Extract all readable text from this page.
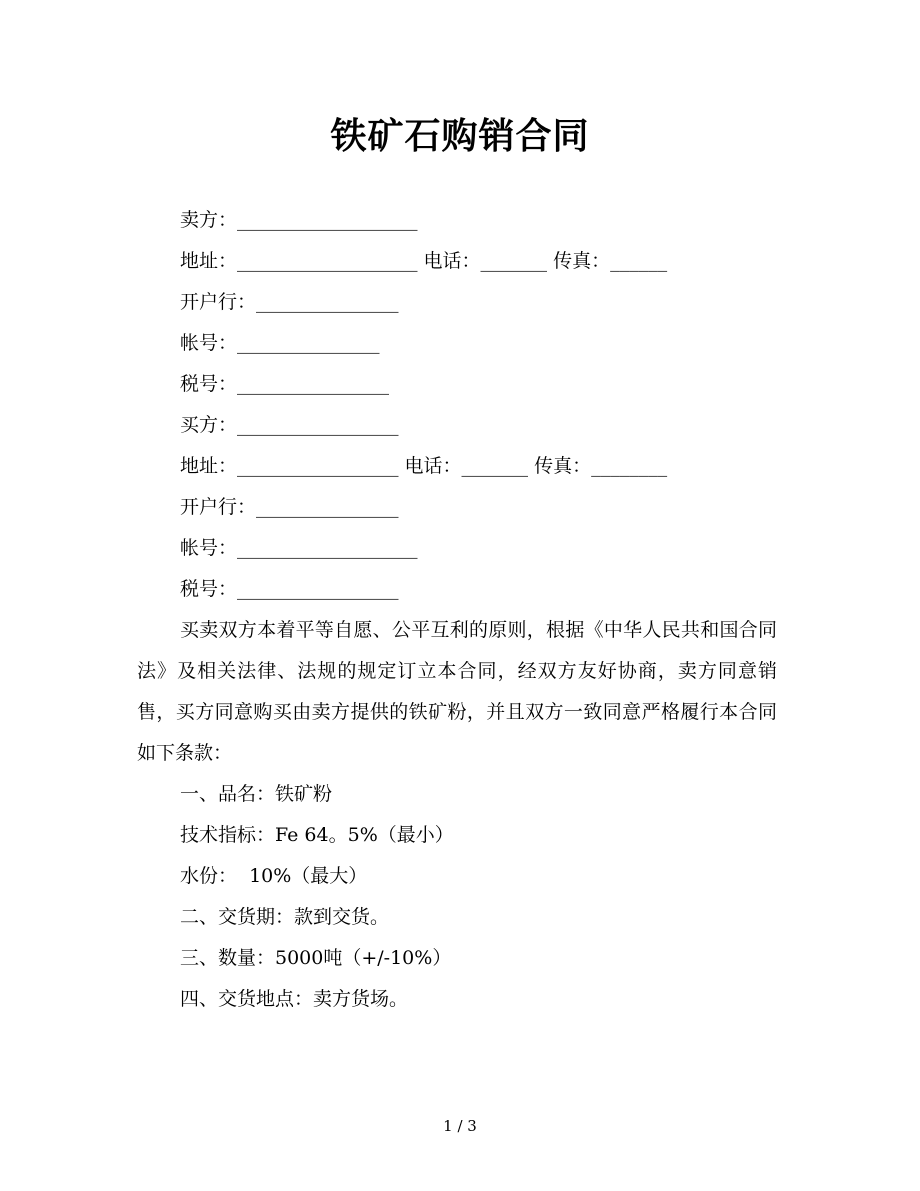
铁矿石购销合同
卖方：___________________
地址：___________________ 电话：_______ 传真：______
开户行：_______________
帐号：_______________
税号：________________
买方：_________________
地址：_________________ 电话：_______ 传真：________
开户行：_______________
帐号：___________________
税号：_________________
买卖双方本着平等自愿、公平互利的原则，根据《中华人民共和国合同法》及相关法律、法规的规定订立本合同，经双方友好协商，卖方同意销售，买方同意购买由卖方提供的铁矿粉，并且双方一致同意严格履行本合同如下条款：
一、品名：铁矿粉
技术指标：Fe 64。5%（最小）
水份：  10%（最大）
二、交货期：款到交货。
三、数量：5000吨（+/-10%）
四、交货地点：卖方货场。
1 / 3
